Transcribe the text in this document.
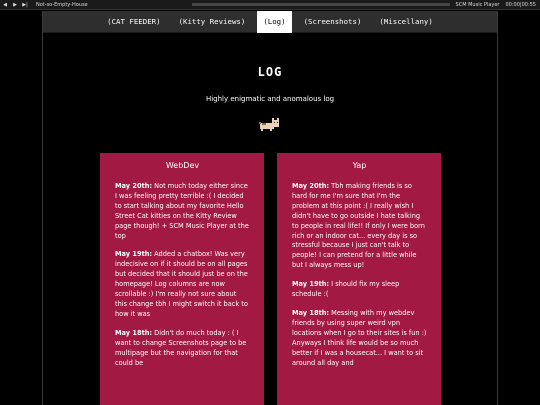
◀	▶	▶|	Not-so-Empty-House	SCM Music Player 00:00|00:55
(CAT FEEDER)	(Kitty Reviews)	(Log)	(Screenshots)	(Miscellany)
LOG
Highly enigmatic and anomalous log
WebDev

May 20th: Not much today either since I was feeling pretty terrible :( I decided to start talking about my favorite Hello Street Cat kitties on the Kitty Review page though! + SCM Music Player at the top

May 19th: Added a chatbox! Was very indecisive on if it should be on all pages but decided that it should just be on the homepage! Log columns are now scrollable :) I'm really not sure about this change tbh I might switch it back to how it was

May 18th: Didn't do much today : ( I want to change Screenshots page to be multipage but the navigation for that could be

Yap

May 20th: Tbh making friends is so hard for me I'm sure that I'm the problem at this point :( I really wish I didn't have to go outside I hate talking to people in real life!! If only I were born rich or an indoor cat... every day is so stressful because I just can't talk to people! I can pretend for a little while but I always mess up!

May 19th: I should fix my sleep schedule :(

May 18th: Messing with my webdev friends by using super weird vpn locations when I go to their sites is fun :) Anyways I think life would be so much better if I was a housecat... I want to sit around all day and
